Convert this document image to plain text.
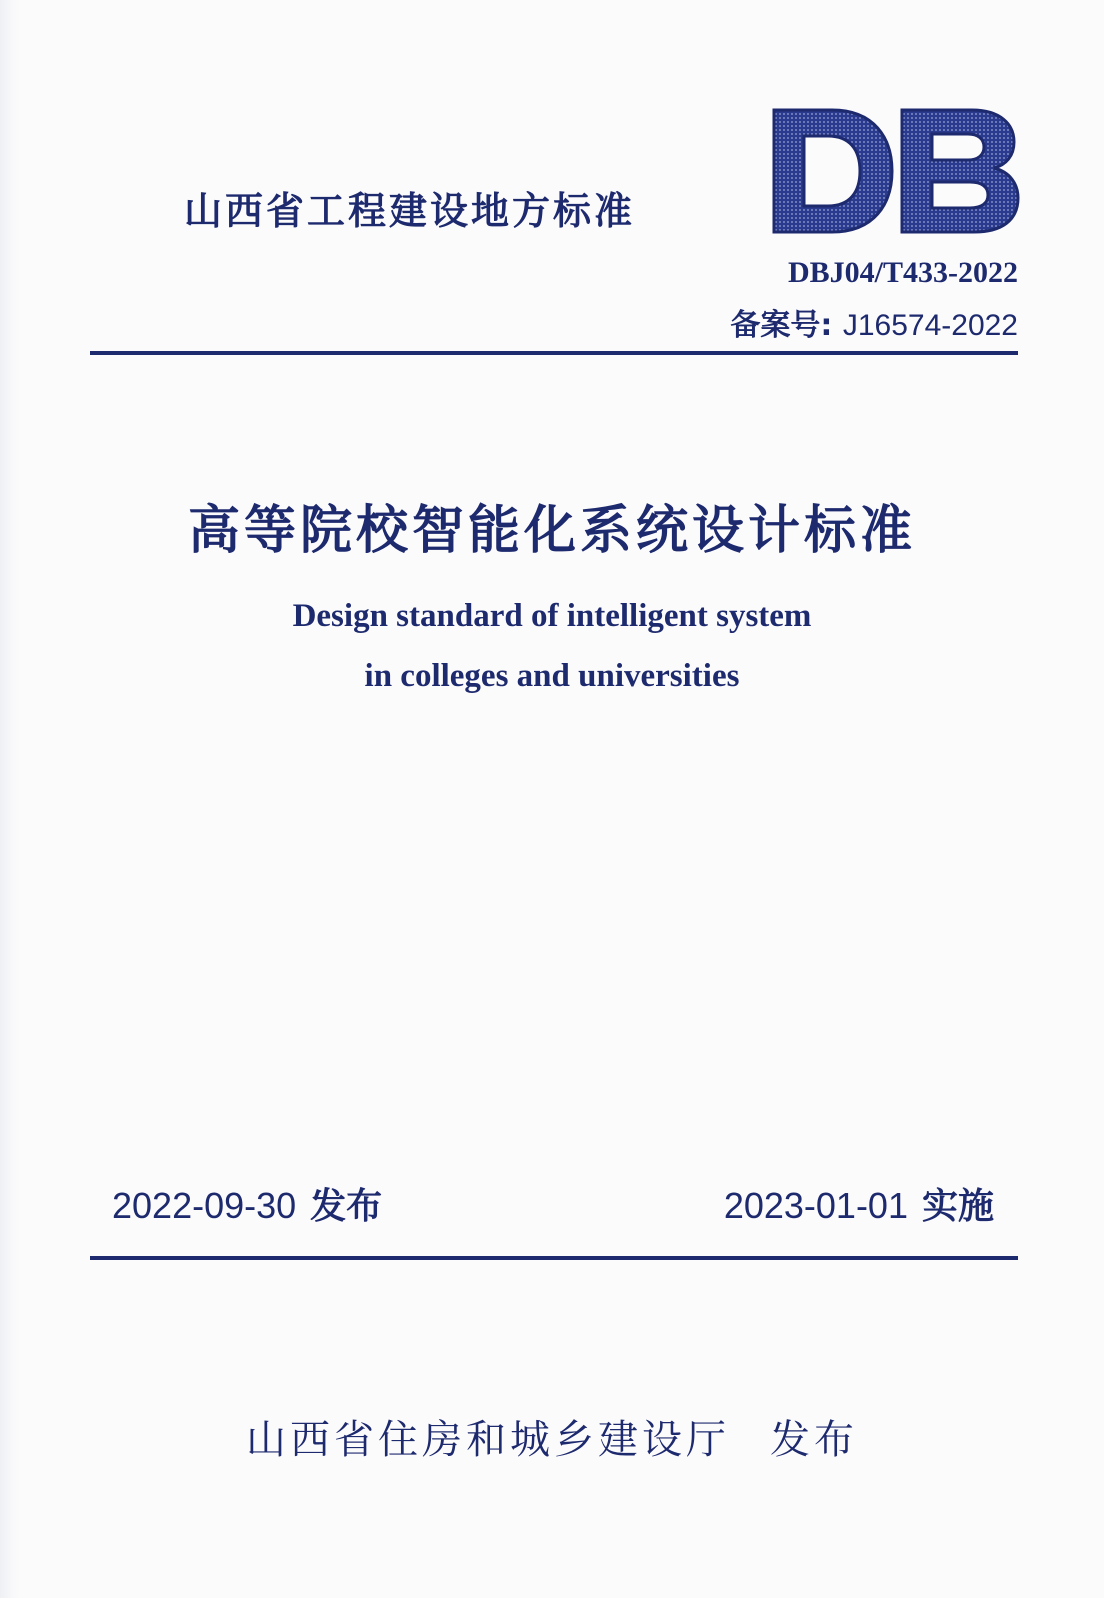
山西省工程建设地方标准
DBJ04/T433-2022
备案号: J16574-2022
高等院校智能化系统设计标准
Design standard of intelligent system
in colleges and universities
2022-09-30 发布	2023-01-01 实施
山西省住房和城乡建设厅 发布
